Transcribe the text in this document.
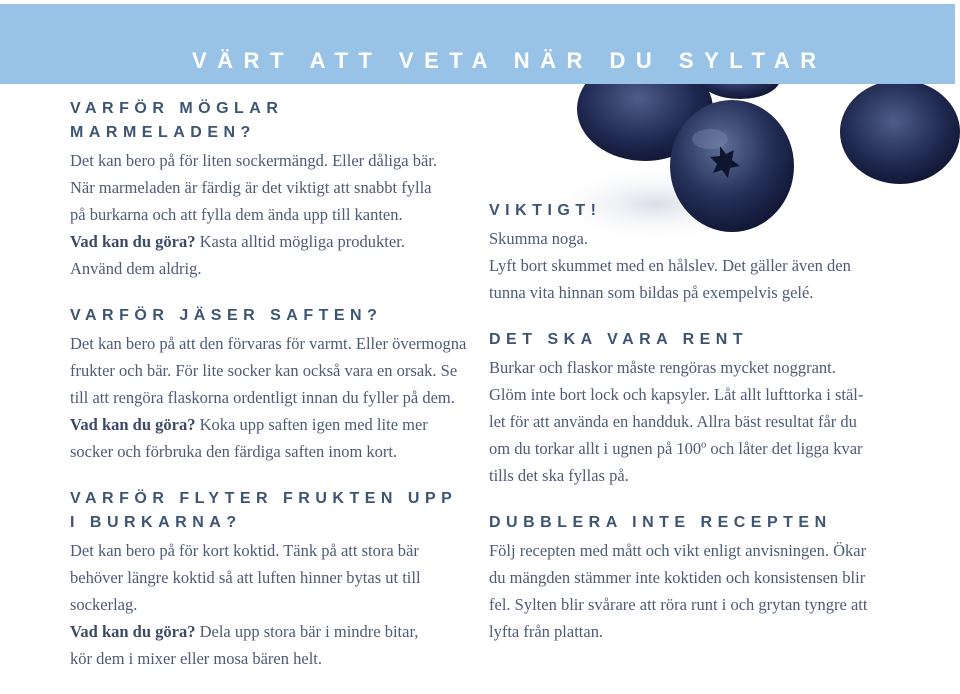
VÄRT ATT VETA NÄR DU SYLTAR
VARFÖR MÖGLAR MARMELADEN?
Det kan bero på för liten sockermängd. Eller dåliga bär.
När marmeladen är färdig är det viktigt att snabbt fylla
på burkarna och att fylla dem ända upp till kanten.
Vad kan du göra? Kasta alltid mögliga produkter.
Använd dem aldrig.
VARFÖR JÄSER SAFTEN?
Det kan bero på att den förvaras för varmt. Eller övermogna
frukter och bär. För lite socker kan också vara en orsak. Se
till att rengöra flaskorna ordentligt innan du fyller på dem.
Vad kan du göra? Koka upp saften igen med lite mer
socker och förbruka den färdiga saften inom kort.
VARFÖR FLYTER FRUKTEN UPP
I BURKARNA?
Det kan bero på för kort koktid. Tänk på att stora bär
behöver längre koktid så att luften hinner bytas ut till
sockerlag.
Vad kan du göra? Dela upp stora bär i mindre bitar,
kör dem i mixer eller mosa bären helt.
VIKTIGT!
Skumma noga.
Lyft bort skummet med en hålslev. Det gäller även den
tunna vita hinnan som bildas på exempelvis gelé.
DET SKA VARA RENT
Burkar och flaskor måste rengöras mycket noggrant.
Glöm inte bort lock och kapsyler. Låt allt lufttorka i stäl-
let för att använda en handduk. Allra bäst resultat får du
om du torkar allt i ugnen på 100º och låter det ligga kvar
tills det ska fyllas på.
DUBBLERA INTE RECEPTEN
Följ recepten med mått och vikt enligt anvisningen. Ökar
du mängden stämmer inte koktiden och konsistensen blir
fel. Sylten blir svårare att röra runt i och grytan tyngre att
lyfta från plattan.
